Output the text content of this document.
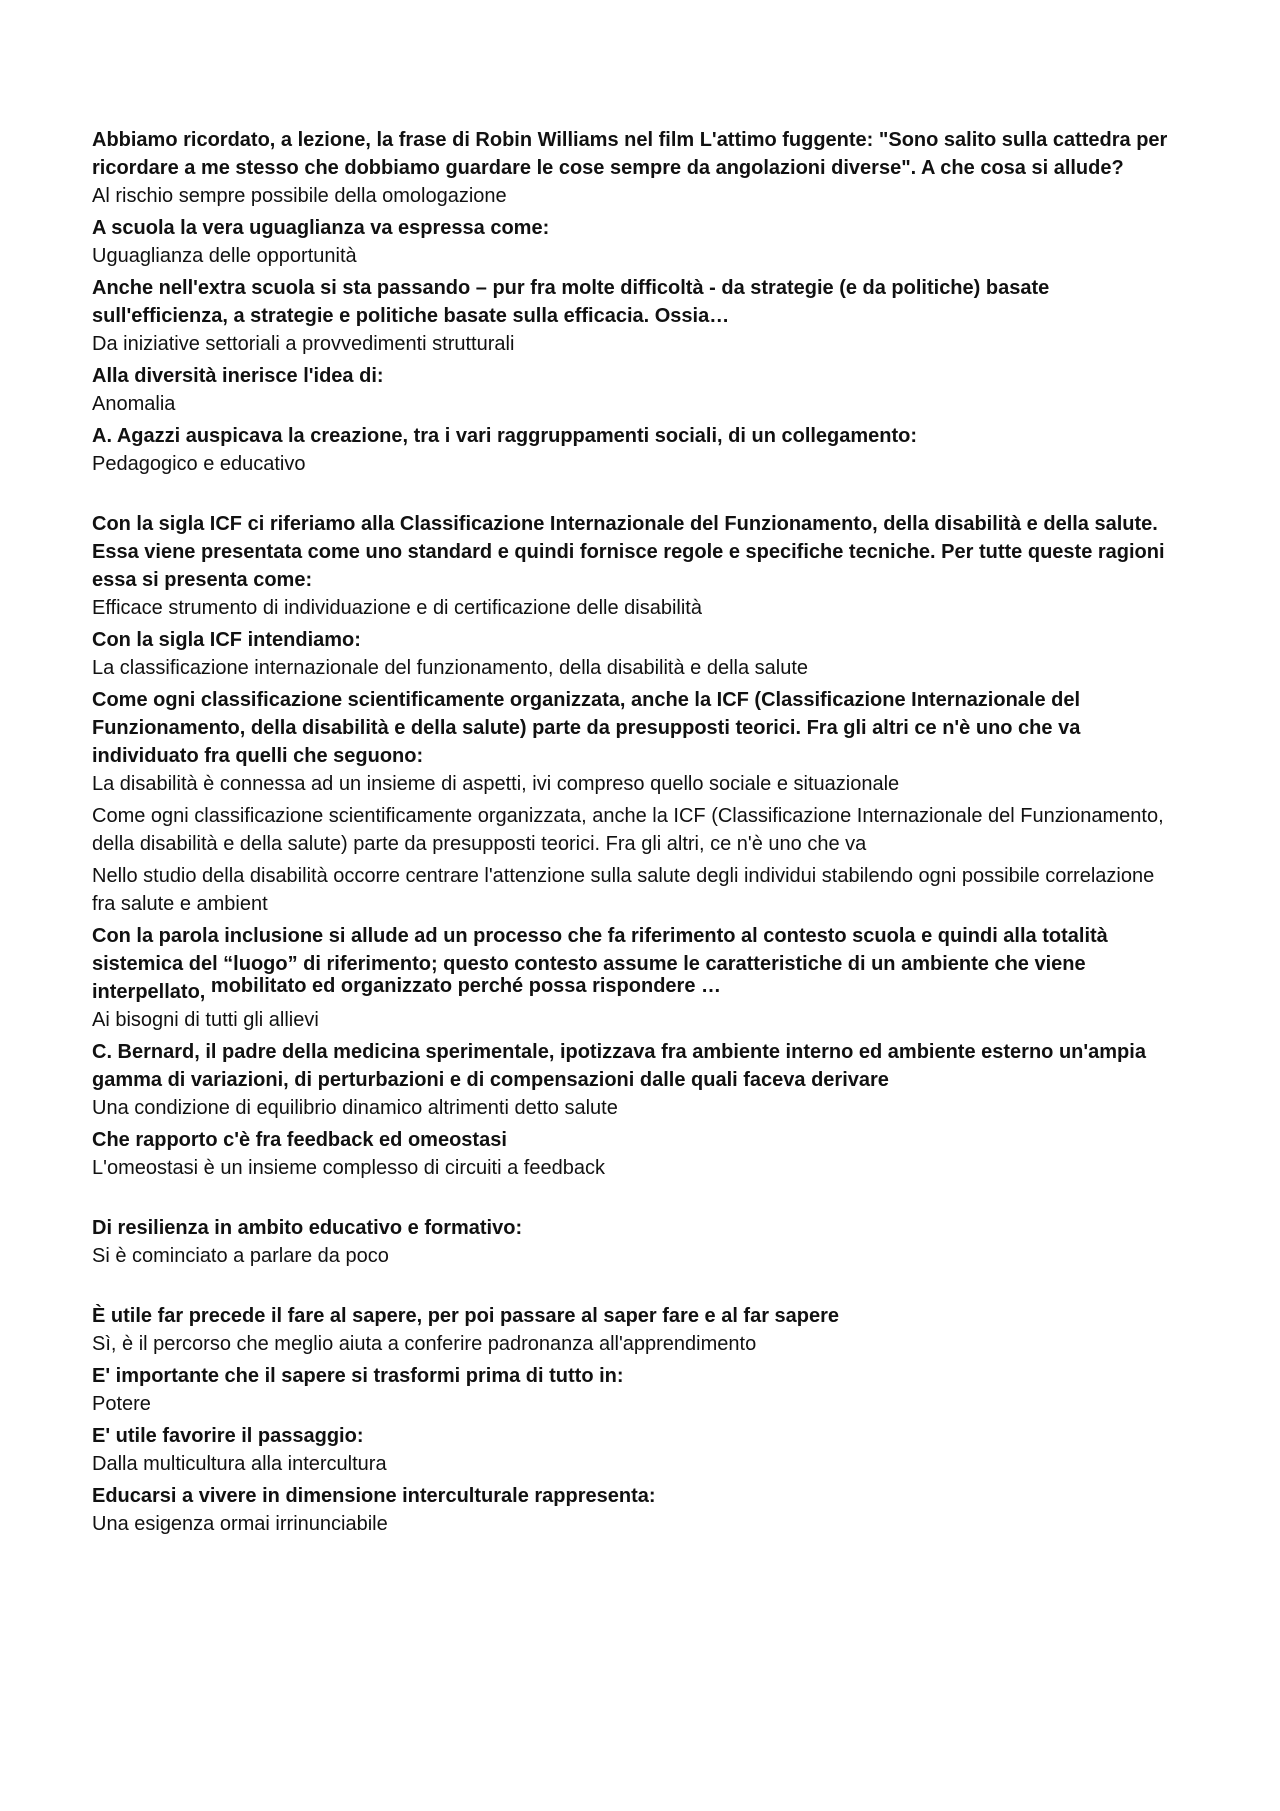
Abbiamo ricordato, a lezione, la frase di Robin Williams nel film L'attimo fuggente: "Sono salito sulla cattedra per ricordare a me stesso che dobbiamo guardare le cose sempre da angolazioni diverse". A che cosa si allude?

Al rischio sempre possibile della omologazione

A scuola la vera uguaglianza va espressa come:

Uguaglianza delle opportunità

Anche nell'extra scuola si sta passando – pur fra molte difficoltà - da strategie (e da politiche) basate sull'efficienza, a strategie e politiche basate sulla efficacia. Ossia…

Da iniziative settoriali a provvedimenti strutturali

Alla diversità inerisce l'idea di:

Anomalia

A. Agazzi auspicava la creazione, tra i vari raggruppamenti sociali, di un collegamento:

Pedagogico e educativo

Con la sigla ICF ci riferiamo alla Classificazione Internazionale del Funzionamento, della disabilità e della salute. Essa viene presentata come uno standard e quindi fornisce regole e specifiche tecniche. Per tutte queste ragioni essa si presenta come:

Efficace strumento di individuazione e di certificazione delle disabilità

Con la sigla ICF intendiamo:

La classificazione internazionale del funzionamento, della disabilità e della salute

Come ogni classificazione scientificamente organizzata, anche la ICF (Classificazione Internazionale del Funzionamento, della disabilità e della salute) parte da presupposti teorici. Fra gli altri ce n'è uno che va individuato fra quelli che seguono:

La disabilità è connessa ad un insieme di aspetti, ivi compreso quello sociale e situazionale

Come ogni classificazione scientificamente organizzata, anche la ICF (Classificazione Internazionale del Funzionamento, della disabilità e della salute) parte da presupposti teorici. Fra gli altri, ce n'è uno che va

Nello studio della disabilità occorre centrare l'attenzione sulla salute degli individui stabilendo ogni possibile correlazione fra salute e ambient

Con la parola inclusione si allude ad un processo che fa riferimento al contesto scuola e quindi alla totalità sistemica del “luogo” di riferimento; questo contesto assume le caratteristiche di un ambiente che viene interpellato, mobilitato ed organizzato perché possa rispondere …

Ai bisogni di tutti gli allievi

C. Bernard, il padre della medicina sperimentale, ipotizzava fra ambiente interno ed ambiente esterno un'ampia gamma di variazioni, di perturbazioni e di compensazioni dalle quali faceva derivare

Una condizione di equilibrio dinamico altrimenti detto salute

Che rapporto c'è fra feedback ed omeostasi

L'omeostasi è un insieme complesso di circuiti a feedback

Di resilienza in ambito educativo e formativo:

Si è cominciato a parlare da poco

È utile far precede il fare al sapere, per poi passare al saper fare e al far sapere

Sì, è il percorso che meglio aiuta a conferire padronanza all'apprendimento

E' importante che il sapere si trasformi prima di tutto in:

Potere

E' utile favorire il passaggio:

Dalla multicultura alla intercultura

Educarsi a vivere in dimensione interculturale rappresenta:

Una esigenza ormai irrinunciabile
